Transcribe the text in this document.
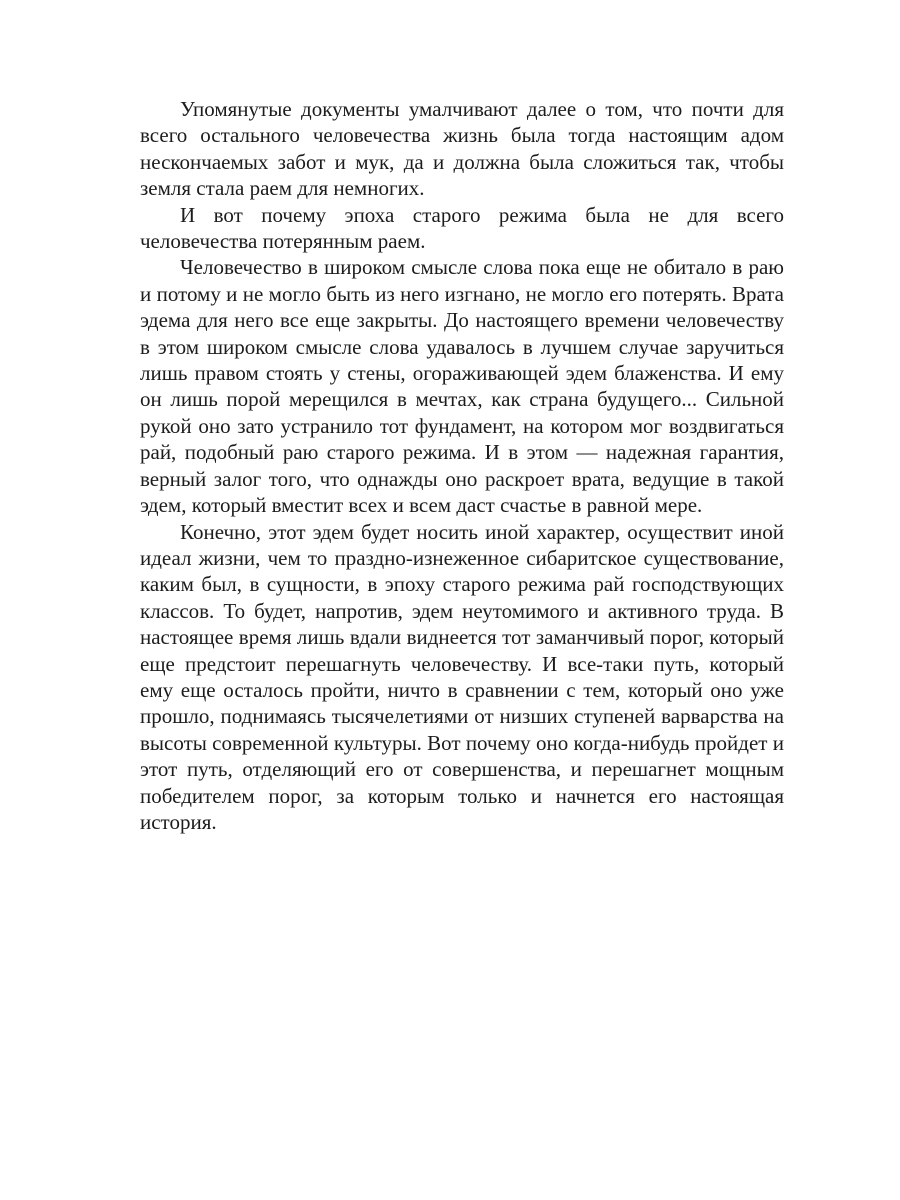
Упомянутые документы умалчивают далее о том, что почти для всего остального человечества жизнь была тогда настоящим адом нескончаемых забот и мук, да и должна была сложиться так, чтобы земля стала раем для немногих.

И вот почему эпоха старого режима была не для всего человечества потерянным раем.

Человечество в широком смысле слова пока еще не обитало в раю и потому и не могло быть из него изгнано, не могло его потерять. Врата эдема для него все еще закрыты. До настоящего времени человечеству в этом широком смысле слова удавалось в лучшем случае заручиться лишь правом стоять у стены, огораживающей эдем блаженства. И ему он лишь порой мерещился в мечтах, как страна будущего... Сильной рукой оно зато устранило тот фундамент, на котором мог воздвигаться рай, подобный раю старого режима. И в этом — надежная гарантия, верный залог того, что однажды оно раскроет врата, ведущие в такой эдем, который вместит всех и всем даст счастье в равной мере.

Конечно, этот эдем будет носить иной характер, осуществит иной идеал жизни, чем то праздно-изнеженное сибаритское существование, каким был, в сущности, в эпоху старого режима рай господствующих классов. То будет, напротив, эдем неутомимого и активного труда. В настоящее время лишь вдали виднеется тот заманчивый порог, который еще предстоит перешагнуть человечеству. И все-таки путь, который ему еще осталось пройти, ничто в сравнении с тем, который оно уже прошло, поднимаясь тысячелетиями от низших ступеней варварства на высоты современной культуры. Вот почему оно когда-нибудь пройдет и этот путь, отделяющий его от совершенства, и перешагнет мощным победителем порог, за которым только и начнется его настоящая история.
